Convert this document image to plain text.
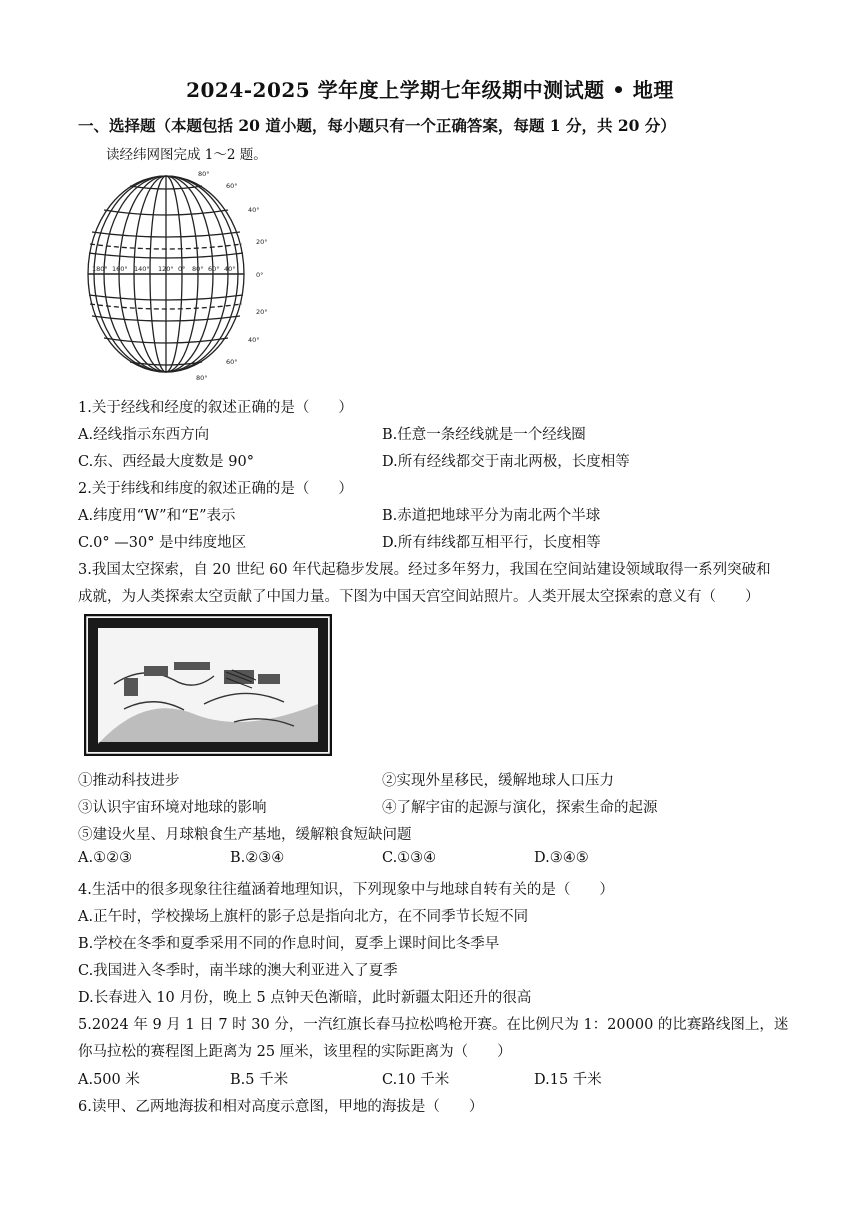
2024-2025 学年度上学期七年级期中测试题 • 地理
一、选择题（本题包括 20 道小题，每小题只有一个正确答案，每题 1 分，共 20 分）
读经纬网图完成 1～2 题。
80°
60°
40°
20°
0°
20°
40°
60°
80°
180° 160° 140° 120° 0° 80° 60° 40°
1.关于经线和经度的叙述正确的是（　　）
A.经线指示东西方向	B.任意一条经线就是一个经线圈
C.东、西经最大度数是 90°	D.所有经线都交于南北两极，长度相等
2.关于纬线和纬度的叙述正确的是（　　）
A.纬度用“W”和“E”表示	B.赤道把地球平分为南北两个半球
C.0° —30° 是中纬度地区	D.所有纬线都互相平行，长度相等
3.我国太空探索，自 20 世纪 60 年代起稳步发展。经过多年努力，我国在空间站建设领域取得一系列突破和
成就，为人类探索太空贡献了中国力量。下图为中国天宫空间站照片。人类开展太空探索的意义有（　　）
①推动科技进步	②实现外星移民，缓解地球人口压力
③认识宇宙环境对地球的影响	④了解宇宙的起源与演化，探索生命的起源
⑤建设火星、月球粮食生产基地，缓解粮食短缺问题
A.①②③	B.②③④	C.①③④	D.③④⑤
4.生活中的很多现象往往蕴涵着地理知识，下列现象中与地球自转有关的是（　　）
A.正午时，学校操场上旗杆的影子总是指向北方，在不同季节长短不同
B.学校在冬季和夏季采用不同的作息时间，夏季上课时间比冬季早
C.我国进入冬季时，南半球的澳大利亚进入了夏季
D.长春进入 10 月份，晚上 5 点钟天色渐暗，此时新疆太阳还升的很高
5.2024 年 9 月 1 日 7 时 30 分，一汽红旗长春马拉松鸣枪开赛。在比例尺为 1：20000 的比赛路线图上，迷
你马拉松的赛程图上距离为 25 厘米，该里程的实际距离为（　　）
A.500 米	B.5 千米	C.10 千米	D.15 千米
6.读甲、乙两地海拔和相对高度示意图，甲地的海拔是（　　）
